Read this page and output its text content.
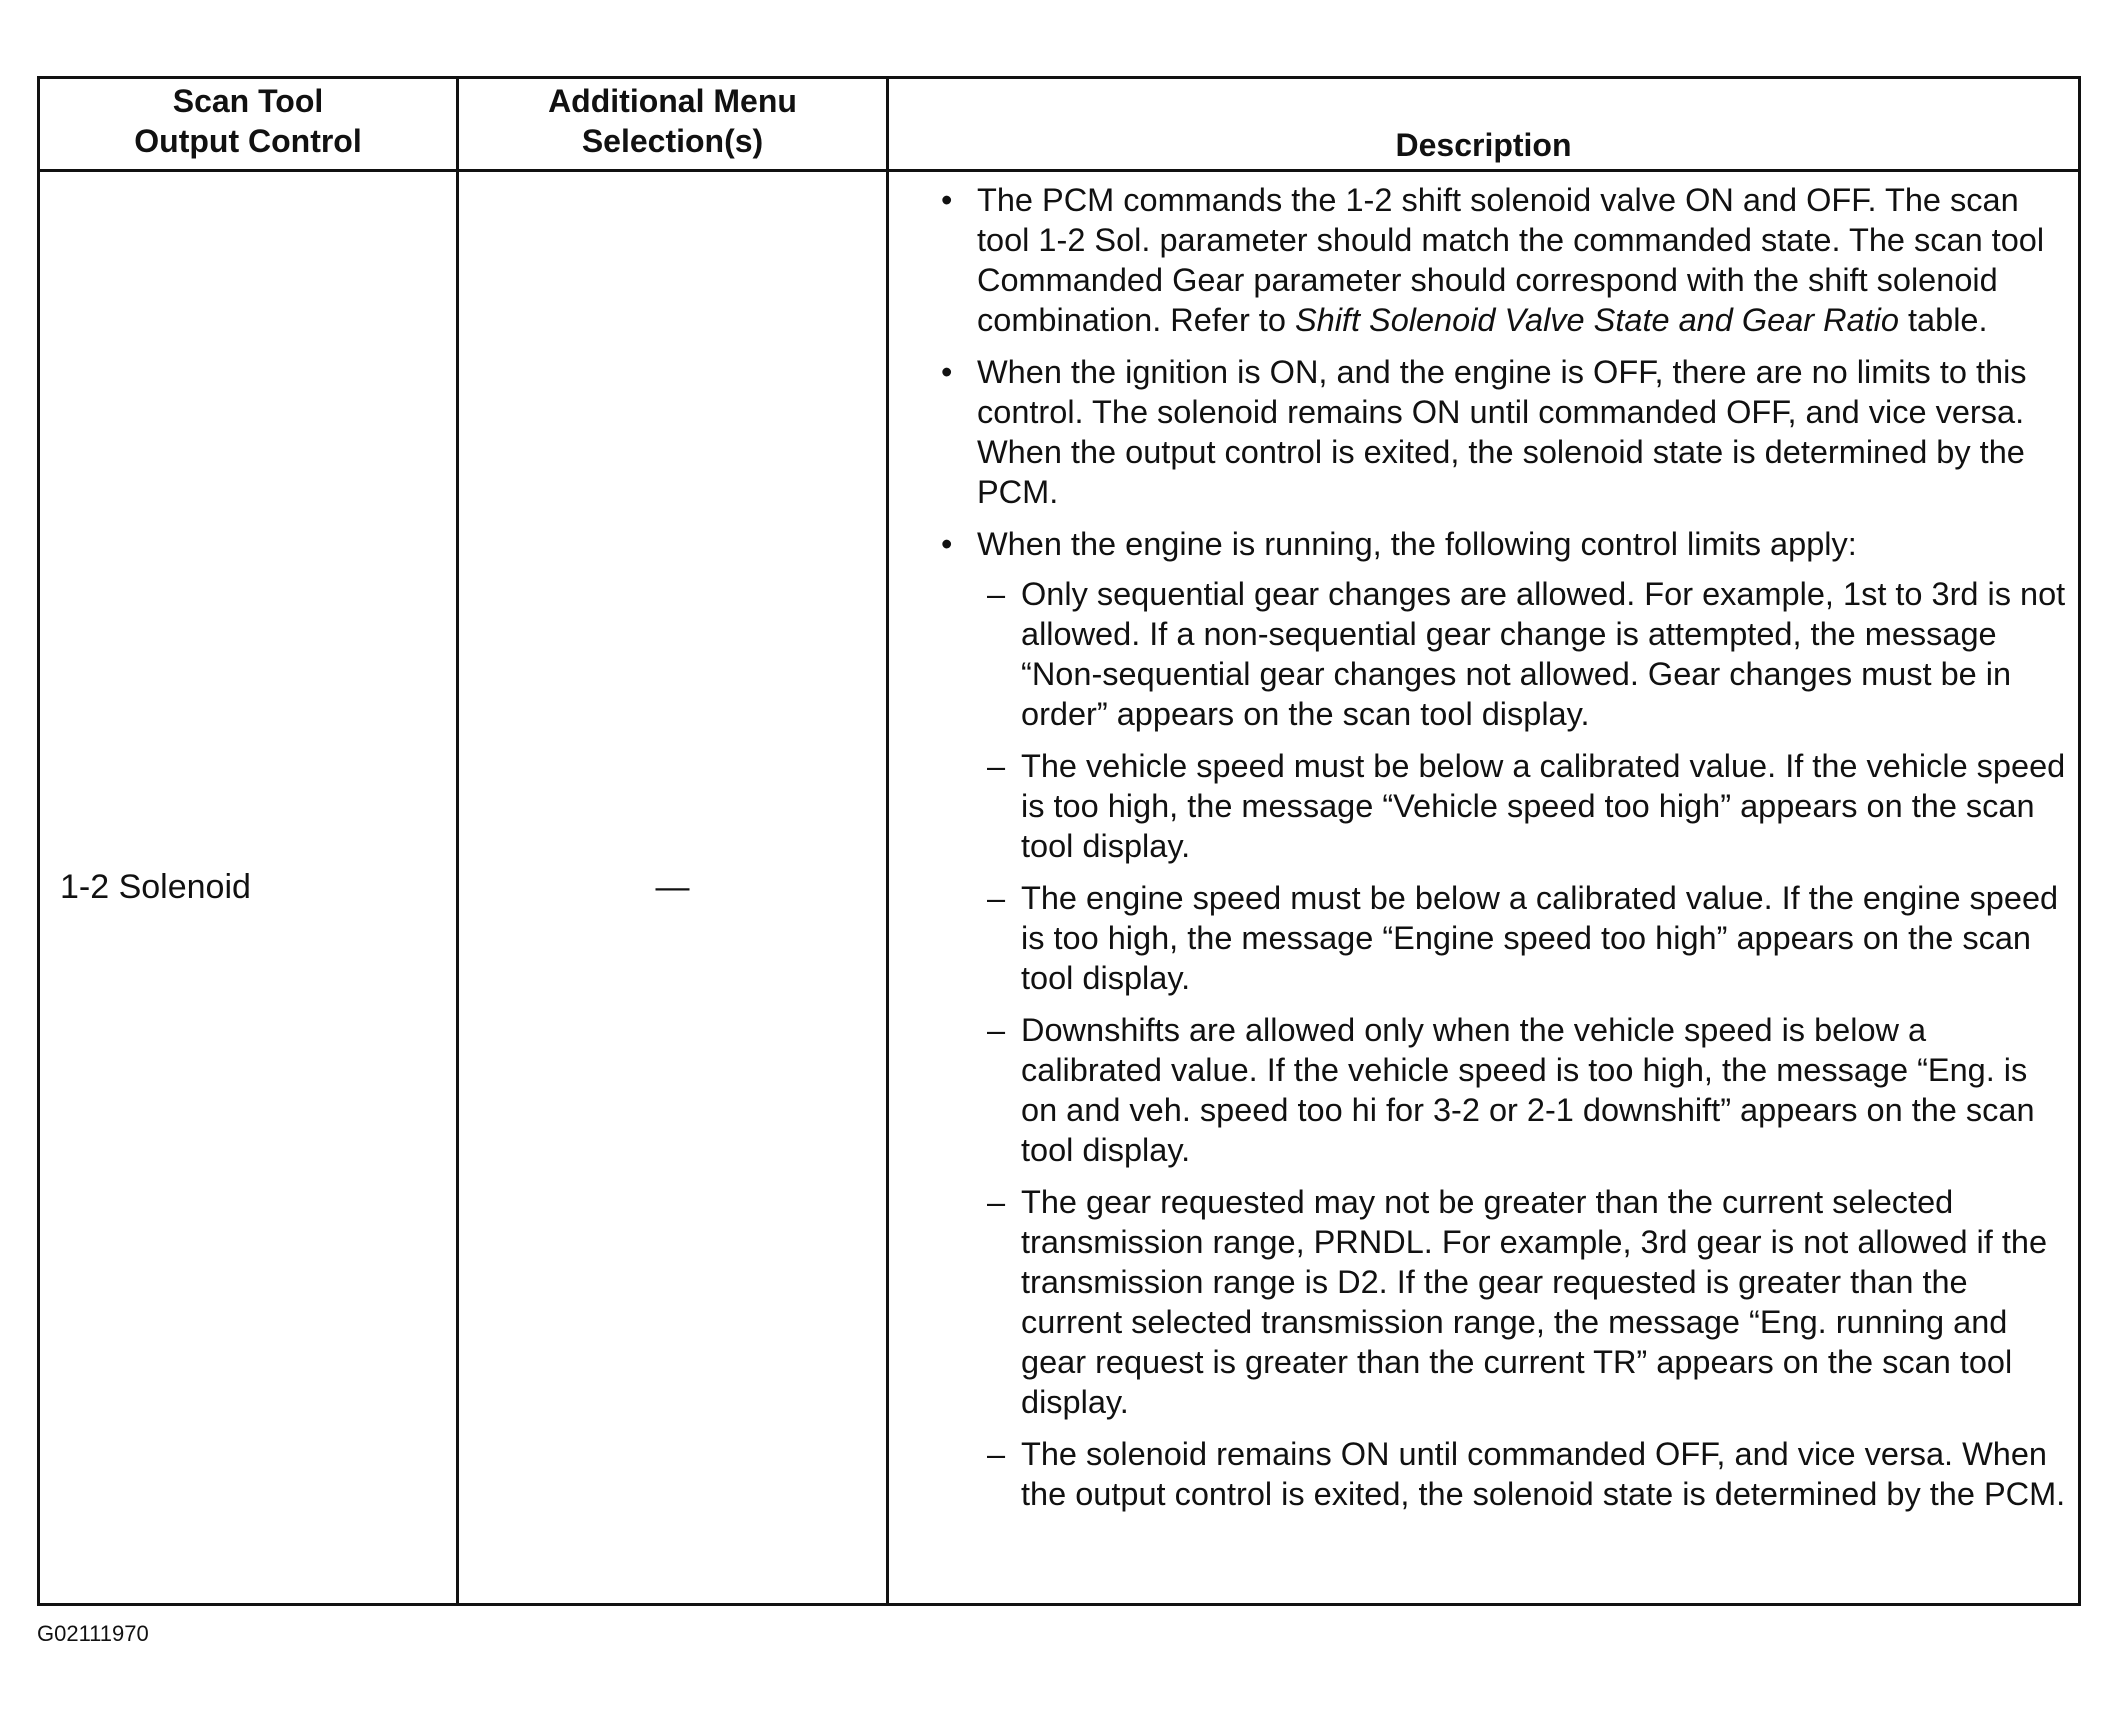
Scan Tool
Output Control
Additional Menu
Selection(s)	Description
1-2 Solenoid	—
• The PCM commands the 1-2 shift solenoid valve ON and OFF. The scan tool 1-2 Sol. parameter should match the commanded state. The scan tool Commanded Gear parameter should correspond with the shift solenoid combination. Refer to Shift Solenoid Valve State and Gear Ratio table.
• When the ignition is ON, and the engine is OFF, there are no limits to this control. The solenoid remains ON until commanded OFF, and vice versa. When the output control is exited, the solenoid state is determined by the PCM.
• When the engine is running, the following control limits apply:
– Only sequential gear changes are allowed. For example, 1st to 3rd is not allowed. If a non-sequential gear change is attempted, the message “Non-sequential gear changes not allowed. Gear changes must be in order” appears on the scan tool display.
– The vehicle speed must be below a calibrated value. If the vehicle speed is too high, the message “Vehicle speed too high” appears on the scan tool display.
– The engine speed must be below a calibrated value. If the engine speed is too high, the message “Engine speed too high” appears on the scan tool display.
– Downshifts are allowed only when the vehicle speed is below a calibrated value. If the vehicle speed is too high, the message “Eng. is on and veh. speed too hi for 3-2 or 2-1 downshift” appears on the scan tool display.
– The gear requested may not be greater than the current selected transmission range, PRNDL. For example, 3rd gear is not allowed if the transmission range is D2. If the gear requested is greater than the current selected transmission range, the message “Eng. running and gear request is greater than the current TR” appears on the scan tool display.
– The solenoid remains ON until commanded OFF, and vice versa. When the output control is exited, the solenoid state is determined by the PCM.
G02111970
